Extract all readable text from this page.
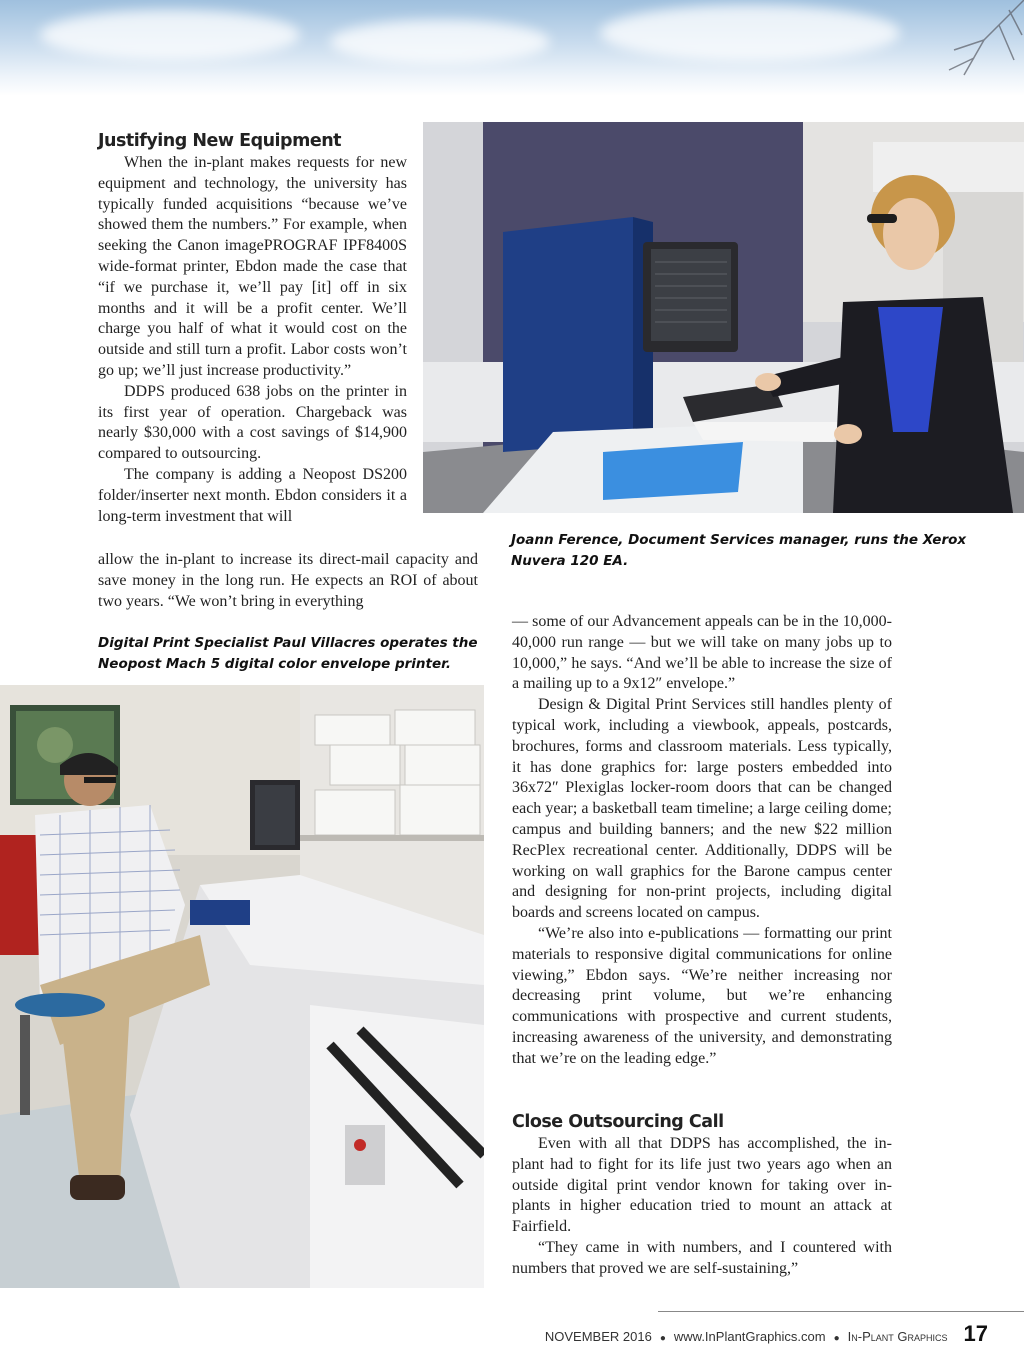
Justifying New Equipment

When the in-plant makes requests for new equipment and technology, the university has typically funded acquisitions “because we’ve showed them the numbers.” For example, when seeking the Canon imagePROGRAF IPF8400S wide-format printer, Ebdon made the case that “if we purchase it, we’ll pay [it] off in six months and it will be a profit center. We’ll charge you half of what it would cost on the outside and still turn a profit. Labor costs won’t go up; we’ll just increase productivity.”

DDPS produced 638 jobs on the printer in its first year of operation. Chargeback was nearly $30,000 with a cost savings of $14,900 compared to outsourcing.

The company is adding a Neopost DS200 folder/inserter next month. Ebdon considers it a long-term investment that will

allow the in-plant to increase its direct-mail capacity and save money in the long run. He expects an ROI of about two years. “We won’t bring in everything

Joann Ference, Document Services manager, runs the Xerox Nuvera 120 EA.
Digital Print Specialist Paul Villacres operates the Neopost Mach 5 digital color envelope printer.

— some of our Advancement appeals can be in the 10,000-40,000 run range — but we will take on many jobs up to 10,000,” he says. “And we’ll be able to increase the size of a mailing up to a 9x12″ envelope.”

Design & Digital Print Services still handles plenty of typical work, including a viewbook, appeals, postcards, brochures, forms and classroom materials. Less typically, it has done graphics for: large posters embedded into 36x72″ Plexiglas locker-room doors that can be changed each year; a basketball team timeline; a large ceiling dome; campus and building banners; and the new $22 million RecPlex recreational center. Additionally, DDPS will be working on wall graphics for the Barone campus center and designing for non-print projects, including digital boards and screens located on campus.

“We’re also into e-publications — formatting our print materials to responsive digital communications for online viewing,” Ebdon says. “We’re neither increasing nor decreasing print volume, but we’re enhancing communications with prospective and current students, increasing awareness of the university, and demonstrating that we’re on the leading edge.”

Close Outsourcing Call

Even with all that DDPS has accomplished, the in-plant had to fight for its life just two years ago when an outside digital print vendor known for taking over in-plants in higher education tried to mount an attack at Fairfield.

“They came in with numbers, and I countered with numbers that proved we are self-sustaining,”

NOVEMBER 2016 ● www.InPlantGraphics.com ● In-Plant Graphics 17
